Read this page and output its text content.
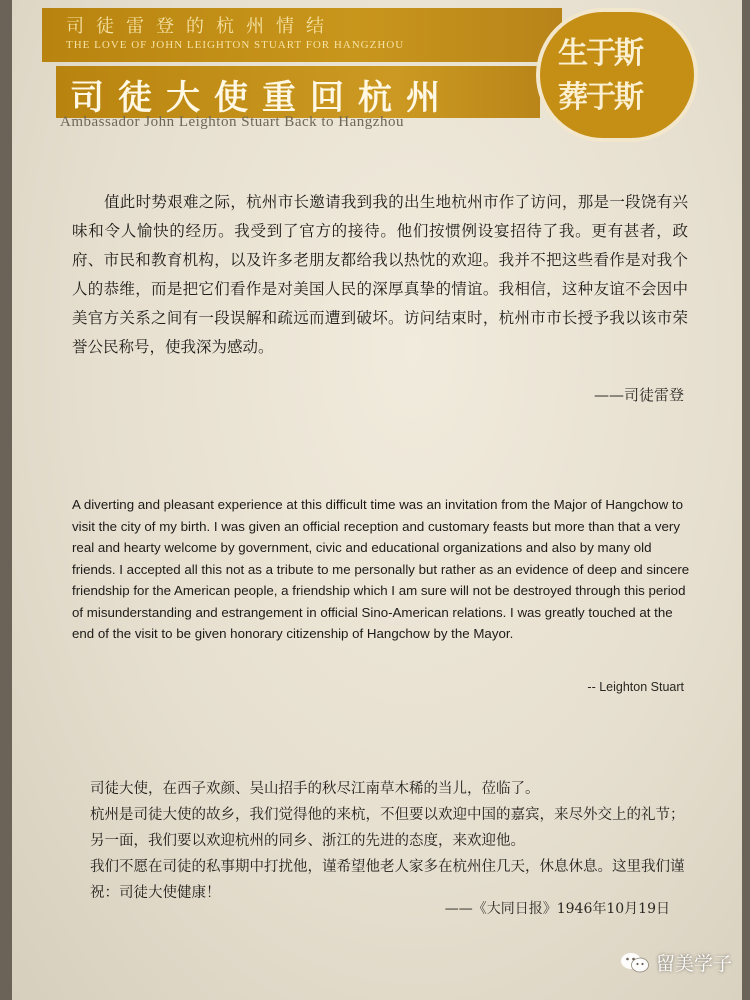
司徒雷登的杭州情结
THE LOVE OF JOHN LEIGHTON STUART FOR HANGZHOU
司徒大使重回杭州
生于斯
葬于斯
Ambassador John Leighton Stuart Back to Hangzhou
值此时势艰难之际，杭州市长邀请我到我的出生地杭州市作了访问，那是一段饶有兴味和令人愉快的经历。我受到了官方的接待。他们按惯例设宴招待了我。更有甚者，政府、市民和教育机构，以及许多老朋友都给我以热忱的欢迎。我并不把这些看作是对我个人的恭维，而是把它们看作是对美国人民的深厚真挚的情谊。我相信，这种友谊不会因中美官方关系之间有一段误解和疏远而遭到破坏。访问结束时，杭州市市长授予我以该市荣誉公民称号，使我深为感动。
——司徒雷登
A diverting and pleasant experience at this difficult time was an invitation from the Major of Hangchow to visit the city of my birth. I was given an official reception and customary feasts but more than that a very real and hearty welcome by government, civic and educational organizations and also by many old friends. I accepted all this not as a tribute to me personally but rather as an evidence of deep and sincere friendship for the American people, a friendship which I am sure will not be destroyed through this period of misunderstanding and estrangement in official Sino-American relations. I was greatly touched at the end of the visit to be given honorary citizenship of Hangchow by the Mayor.
-- Leighton Stuart

司徒大使，在西子欢颜、吴山招手的秋尽江南草木稀的当儿，莅临了。

杭州是司徒大使的故乡，我们觉得他的来杭，不但要以欢迎中国的嘉宾，来尽外交上的礼节；另一面，我们要以欢迎杭州的同乡、浙江的先进的态度，来欢迎他。

我们不愿在司徒的私事期中打扰他，谨希望他老人家多在杭州住几天，休息休息。这里我们谨祝：司徒大使健康！

——《大同日报》1946年10月19日
留美学子
